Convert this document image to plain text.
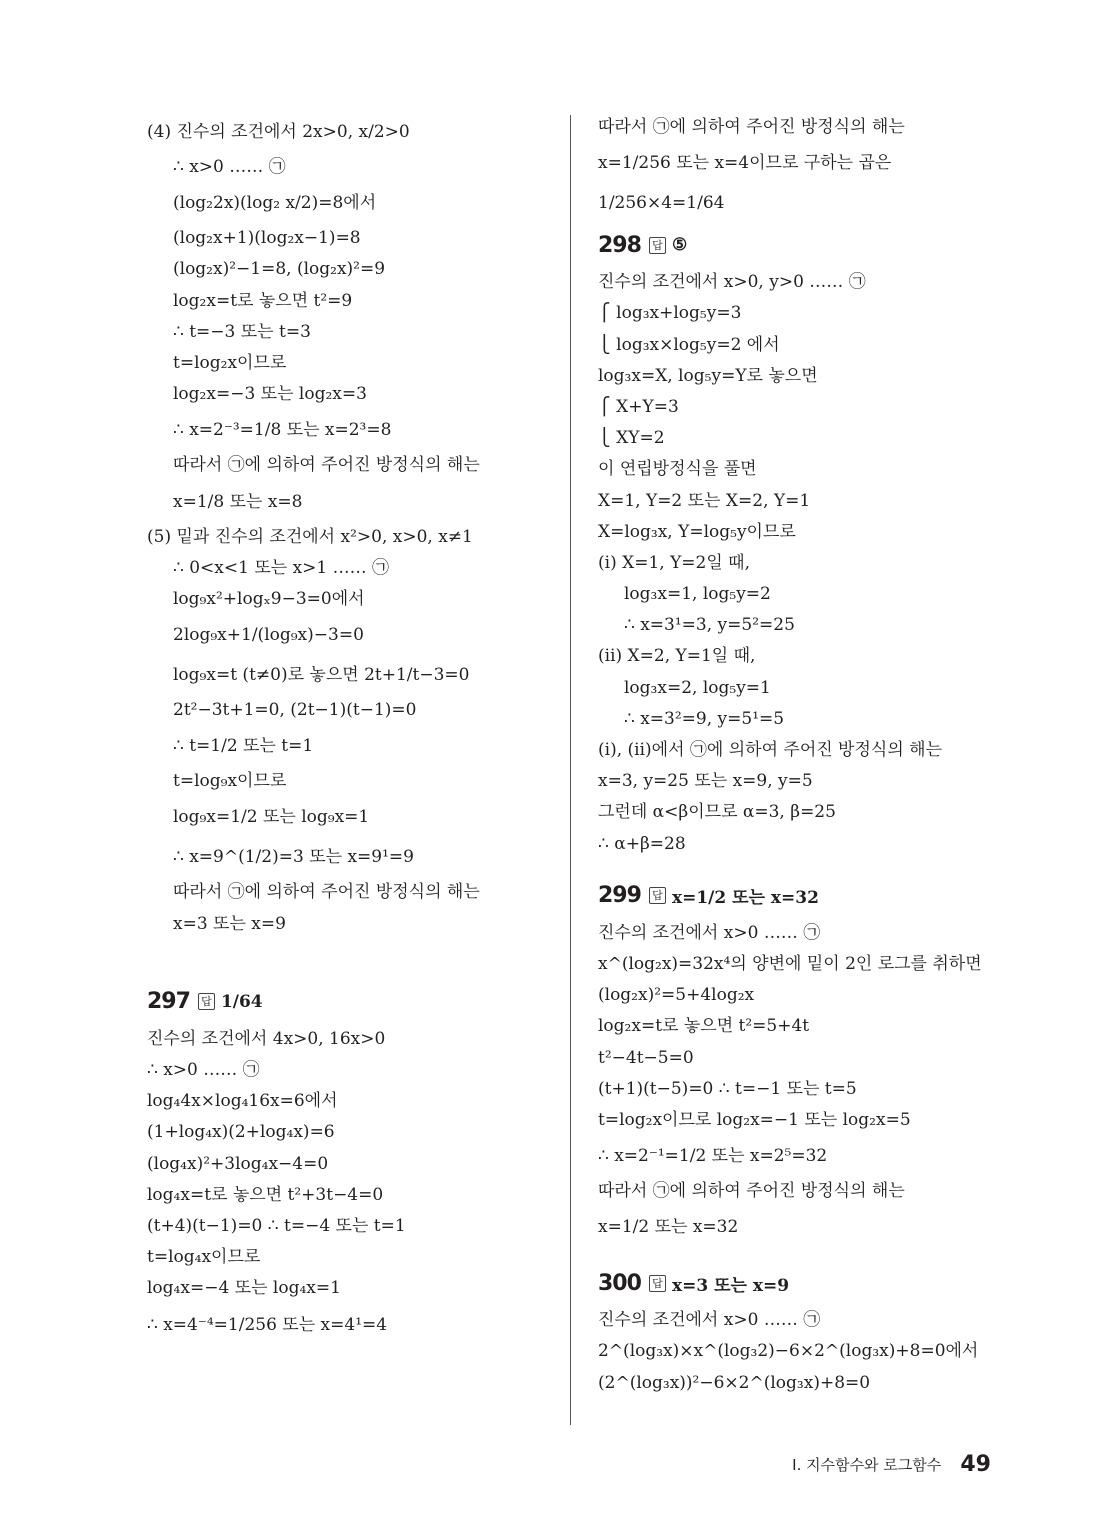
(4) 진수의 조건에서 2x>0, x/2>0
∴ x>0 …… ㉠
(log₂2x)(log₂ x/2)=8에서
(log₂x+1)(log₂x−1)=8
(log₂x)²−1=8, (log₂x)²=9
log₂x=t로 놓으면 t²=9
∴ t=−3 또는 t=3
t=log₂x이므로
log₂x=−3 또는 log₂x=3
∴ x=2⁻³=1/8 또는 x=2³=8
따라서 ㉠에 의하여 주어진 방정식의 해는
x=1/8 또는 x=8
(5) 밑과 진수의 조건에서 x²>0, x>0, x≠1
∴ 0<x<1 또는 x>1 …… ㉠
log₉x²+logₓ9−3=0에서
2log₉x+1/(log₉x)−3=0
log₉x=t (t≠0)로 놓으면 2t+1/t−3=0
2t²−3t+1=0, (2t−1)(t−1)=0
∴ t=1/2 또는 t=1
t=log₉x이므로
log₉x=1/2 또는 log₉x=1
∴ x=9^(1/2)=3 또는 x=9¹=9
따라서 ㉠에 의하여 주어진 방정식의 해는
x=3 또는 x=9
297 답 1/64
진수의 조건에서 4x>0, 16x>0
∴ x>0 …… ㉠
log₄4x×log₄16x=6에서
(1+log₄x)(2+log₄x)=6
(log₄x)²+3log₄x−4=0
log₄x=t로 놓으면 t²+3t−4=0
(t+4)(t−1)=0 ∴ t=−4 또는 t=1
t=log₄x이므로
log₄x=−4 또는 log₄x=1
∴ x=4⁻⁴=1/256 또는 x=4¹=4
따라서 ㉠에 의하여 주어진 방정식의 해는
x=1/256 또는 x=4이므로 구하는 곱은
1/256×4=1/64
298 답 ⑤
진수의 조건에서 x>0, y>0 …… ㉠
⎧ log₃x+log₅y=3
⎩ log₃x×log₅y=2 에서
log₃x=X, log₅y=Y로 놓으면
⎧ X+Y=3
⎩ XY=2
이 연립방정식을 풀면
X=1, Y=2 또는 X=2, Y=1
X=log₃x, Y=log₅y이므로
(ⅰ) X=1, Y=2일 때,
log₃x=1, log₅y=2
∴ x=3¹=3, y=5²=25
(ⅱ) X=2, Y=1일 때,
log₃x=2, log₅y=1
∴ x=3²=9, y=5¹=5
(ⅰ), (ⅱ)에서 ㉠에 의하여 주어진 방정식의 해는
x=3, y=25 또는 x=9, y=5
그런데 α<β이므로 α=3, β=25
∴ α+β=28
299 답 x=1/2 또는 x=32
진수의 조건에서 x>0 …… ㉠
x^(log₂x)=32x⁴의 양변에 밑이 2인 로그를 취하면
(log₂x)²=5+4log₂x
log₂x=t로 놓으면 t²=5+4t
t²−4t−5=0
(t+1)(t−5)=0 ∴ t=−1 또는 t=5
t=log₂x이므로 log₂x=−1 또는 log₂x=5
∴ x=2⁻¹=1/2 또는 x=2⁵=32
따라서 ㉠에 의하여 주어진 방정식의 해는
x=1/2 또는 x=32
300 답 x=3 또는 x=9
진수의 조건에서 x>0 …… ㉠
2^(log₃x)×x^(log₃2)−6×2^(log₃x)+8=0에서
(2^(log₃x))²−6×2^(log₃x)+8=0
Ⅰ. 지수함수와 로그함수 49
